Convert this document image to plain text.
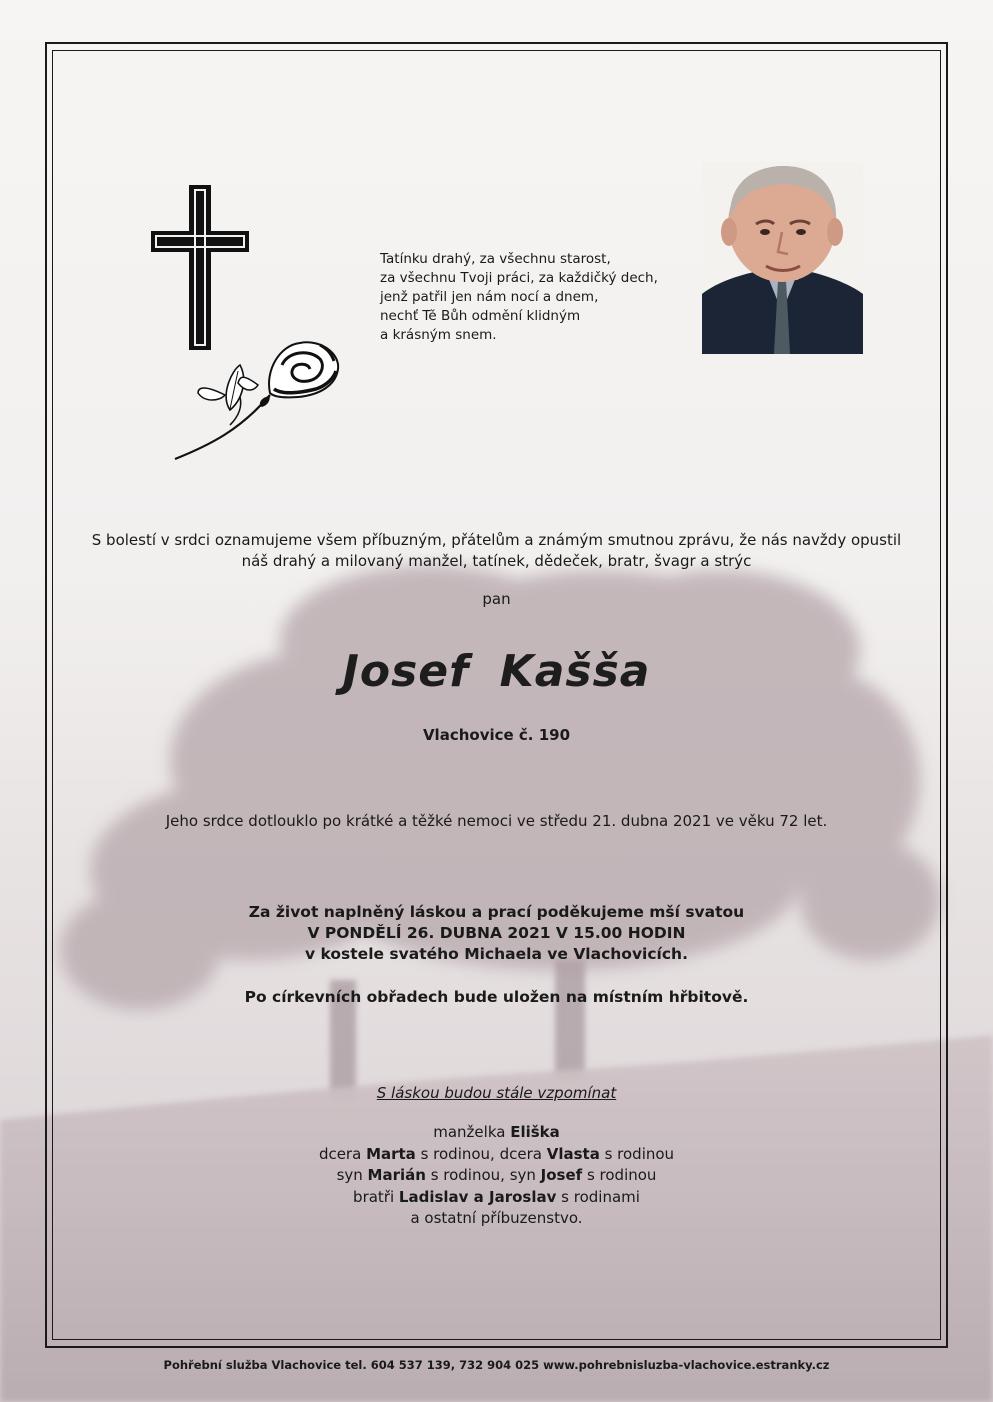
Tatínku drahý, za všechnu starost,
za všechnu Tvoji práci, za každičký dech,
jenž patřil jen nám nocí a dnem,
nechť Tě Bůh odmění klidným
a krásným snem.
S bolestí v srdci oznamujeme všem příbuzným, přátelům a známým smutnou zprávu, že nás navždy opustil
náš drahý a milovaný manžel, tatínek, dědeček, bratr, švagr a strýc
pan
Josef Kašša
Vlachovice č. 190
Jeho srdce dotlouklo po krátké a těžké nemoci ve středu 21. dubna 2021 ve věku 72 let.
Za život naplněný láskou a prací poděkujeme mší svatou
V PONDĚLÍ 26. DUBNA 2021 V 15.00 HODIN
v kostele svatého Michaela ve Vlachovicích.
Po církevních obřadech bude uložen na místním hřbitově.
S láskou budou stále vzpomínat
manželka Eliška
dcera Marta s rodinou, dcera Vlasta s rodinou
syn Marián s rodinou, syn Josef s rodinou
bratři Ladislav a Jaroslav s rodinami
a ostatní příbuzenstvo.
Pohřební služba Vlachovice tel. 604 537 139, 732 904 025 www.pohrebnisluzba-vlachovice.estranky.cz
